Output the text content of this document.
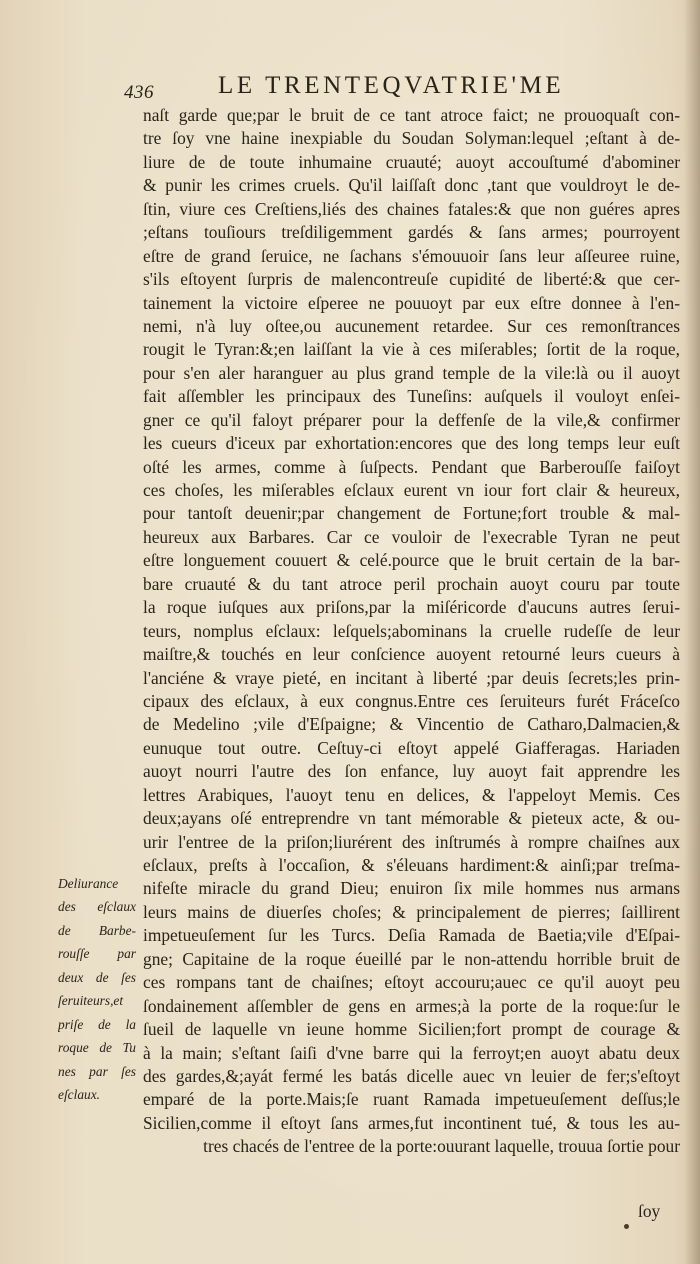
436	LE TRENTEQVATRIE'ME
naſt garde que;par le bruit de ce tant atroce faict; ne prouoquaſt con-
tre ſoy vne haine inexpiable du Soudan Solyman:lequel ;eſtant à de-
liure de de toute inhumaine cruauté; auoyt accouſtumé d'abominer
& punir les crimes cruels. Qu'il laiſſaſt donc ,tant que vouldroyt le de-
ſtin, viure ces Creſtiens,liés des chaines fatales:& que non guéres apres
;eſtans touſiours treſdiligemment gardés & ſans armes; pourroyent
eſtre de grand ſeruice, ne ſachans s'émouuoir ſans leur aſſeuree ruine,
s'ils eſtoyent ſurpris de malencontreuſe cupidité de liberté:& que cer-
tainement la victoire eſperee ne pouuoyt par eux eſtre donnee à l'en-
nemi, n'à luy oſtee,ou aucunement retardee. Sur ces remonſtrances
rougit le Tyran:&;en laiſſant la vie à ces miſerables; ſortit de la roque,
pour s'en aler haranguer au plus grand temple de la vile:là ou il auoyt
fait aſſembler les principaux des Tuneſins: auſquels il vouloyt enſei-
gner ce qu'il faloyt préparer pour la deffenſe de la vile,& confirmer
les cueurs d'iceux par exhortation:encores que des long temps leur euſt
oſté les armes, comme à ſuſpects. Pendant que Barberouſſe faiſoyt
ces choſes, les miſerables eſclaux eurent vn iour fort clair & heureux,
pour tantoſt deuenir;par changement de Fortune;fort trouble & mal-
heureux aux Barbares. Car ce vouloir de l'execrable Tyran ne peut
eſtre longuement couuert & celé.pource que le bruit certain de la bar-
bare cruauté & du tant atroce peril prochain auoyt couru par toute
la roque iuſques aux priſons,par la miſéricorde d'aucuns autres ſerui-
teurs, nomplus eſclaux: leſquels;abominans la cruelle rudeſſe de leur
maiſtre,& touchés en leur conſcience auoyent retourné leurs cueurs à
l'anciéne & vraye pieté, en incitant à liberté ;par deuis ſecrets;les prin-
cipaux des eſclaux, à eux congnus.Entre ces ſeruiteurs furét Fráceſco
de Medelino ;vile d'Eſpaigne; & Vincentio de Catharo,Dalmacien,&
eunuque tout outre. Ceſtuy-ci eſtoyt appelé Giafferagas. Hariaden
auoyt nourri l'autre des ſon enfance, luy auoyt fait apprendre les
lettres Arabiques, l'auoyt tenu en delices, & l'appeloyt Memis. Ces
deux;ayans oſé entreprendre vn tant mémorable & pieteux acte, & ou-
urir l'entree de la priſon;liurérent des inſtrumés à rompre chaiſnes aux
eſclaux, preſts à l'occaſion, & s'éleuans hardiment:& ainſi;par treſma-
nifeſte miracle du grand Dieu; enuiron ſix mile hommes nus armans
leurs mains de diuerſes choſes; & principalement de pierres; ſaillirent
impetueuſement ſur les Turcs. Deſia Ramada de Baetia;vile d'Eſpai-
gne; Capitaine de la roque éueillé par le non-attendu horrible bruit de
ces rompans tant de chaiſnes; eſtoyt accouru;auec ce qu'il auoyt peu
ſondainement aſſembler de gens en armes;à la porte de la roque:ſur le
ſueil de laquelle vn ieune homme Sicilien;fort prompt de courage &
à la main; s'eſtant ſaiſi d'vne barre qui la ferroyt;en auoyt abatu deux
des gardes,&;ayát fermé les batás dicelle auec vn leuier de fer;s'eſtoyt
emparé de la porte.Mais;ſe ruant Ramada impetueuſement deſſus;le
Sicilien,comme il eſtoyt ſans armes,fut incontinent tué, & tous les au-
tres chacés de l'entree de la porte:ouurant laquelle, trouua ſortie pour
Deliurance
des eſclaux
de Barbe-
rouſſe par
deux de ſes
ſeruiteurs,et
priſe de la
roque de Tu
nes par ſes
eſclaux.
ſoy
